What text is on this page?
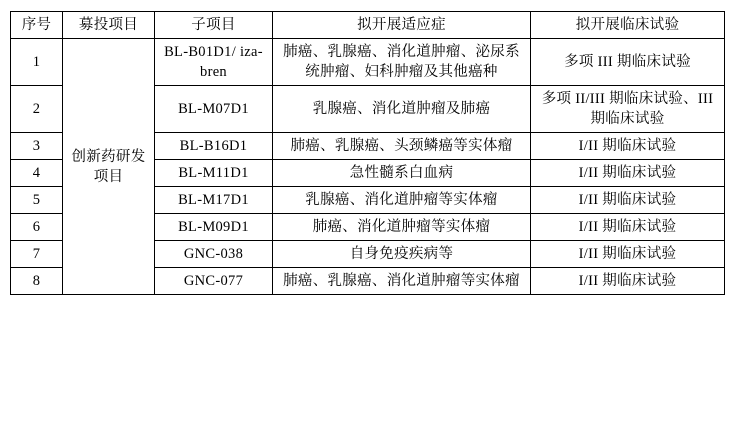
序号	募投项目	子项目	拟开展适应症	拟开展临床试验
1	创新药研发项目	BL-B01D1/ iza-bren	肺癌、乳腺癌、消化道肿瘤、泌尿系统肿瘤、妇科肿瘤及其他癌种	多项 III 期临床试验
2		BL-M07D1	乳腺癌、消化道肿瘤及肺癌	多项 II/III 期临床试验、III 期临床试验
3		BL-B16D1	肺癌、乳腺癌、头颈鳞癌等实体瘤	I/II 期临床试验
4		BL-M11D1	急性髓系白血病	I/II 期临床试验
5		BL-M17D1	乳腺癌、消化道肿瘤等实体瘤	I/II 期临床试验
6		BL-M09D1	肺癌、消化道肿瘤等实体瘤	I/II 期临床试验
7		GNC-038	自身免疫疾病等	I/II 期临床试验
8		GNC-077	肺癌、乳腺癌、消化道肿瘤等实体瘤	I/II 期临床试验
